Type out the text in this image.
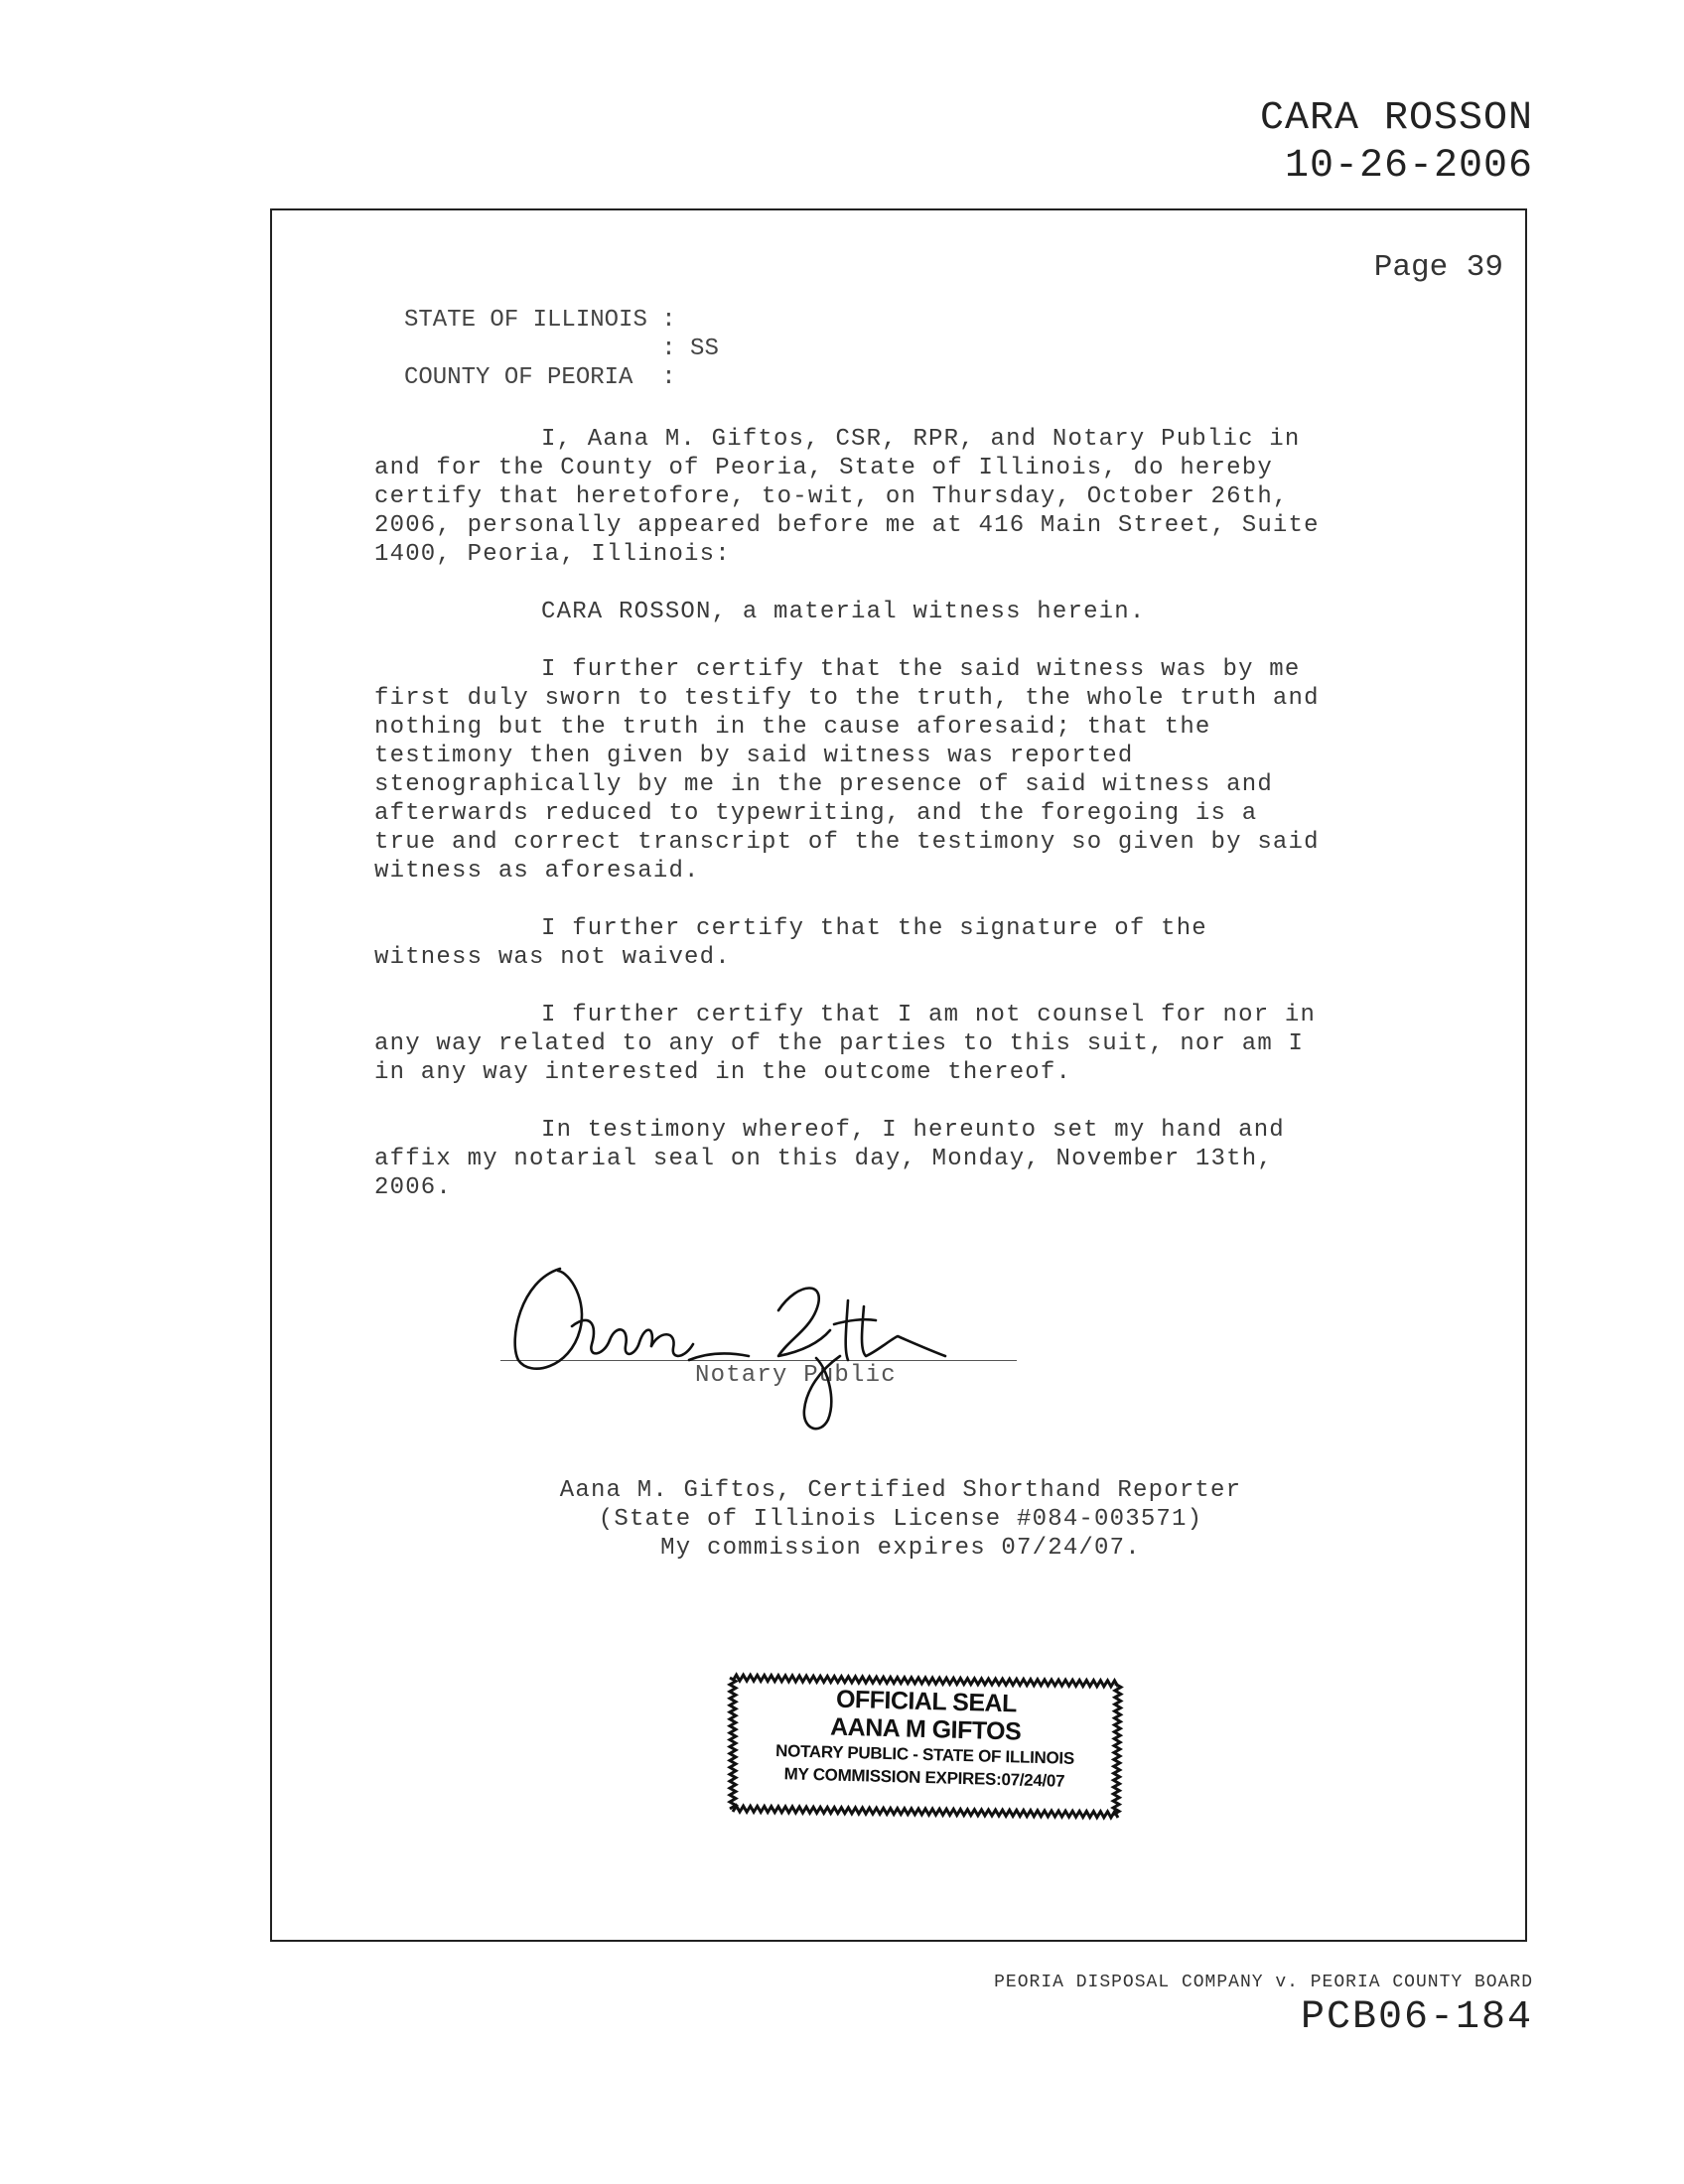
CARA ROSSON
10-26-2006
Page 39
STATE OF ILLINOIS :
: SS
COUNTY OF PEORIA  :

I, Aana M. Giftos, CSR, RPR, and Notary Public in and for the County of Peoria, State of Illinois, do hereby certify that heretofore, to-wit, on Thursday, October 26th, 2006, personally appeared before me at 416 Main Street, Suite 1400, Peoria, Illinois:

CARA ROSSON, a material witness herein.

I further certify that the said witness was by me first duly sworn to testify to the truth, the whole truth and nothing but the truth in the cause aforesaid; that the testimony then given by said witness was reported stenographically by me in the presence of said witness and afterwards reduced to typewriting, and the foregoing is a true and correct transcript of the testimony so given by said witness as aforesaid.

I further certify that the signature of the witness was not waived.

I further certify that I am not counsel for nor in any way related to any of the parties to this suit, nor am I in any way interested in the outcome thereof.

In testimony whereof, I hereunto set my hand and affix my notarial seal on this day, Monday, November 13th, 2006.

Notary Public
Aana M. Giftos, Certified Shorthand Reporter
(State of Illinois License #084-003571)
My commission expires 07/24/07.
OFFICIAL SEAL
AANA M GIFTOS
NOTARY PUBLIC - STATE OF ILLINOIS
MY COMMISSION EXPIRES:07/24/07
PEORIA DISPOSAL COMPANY v. PEORIA COUNTY BOARD
PCB06-184
